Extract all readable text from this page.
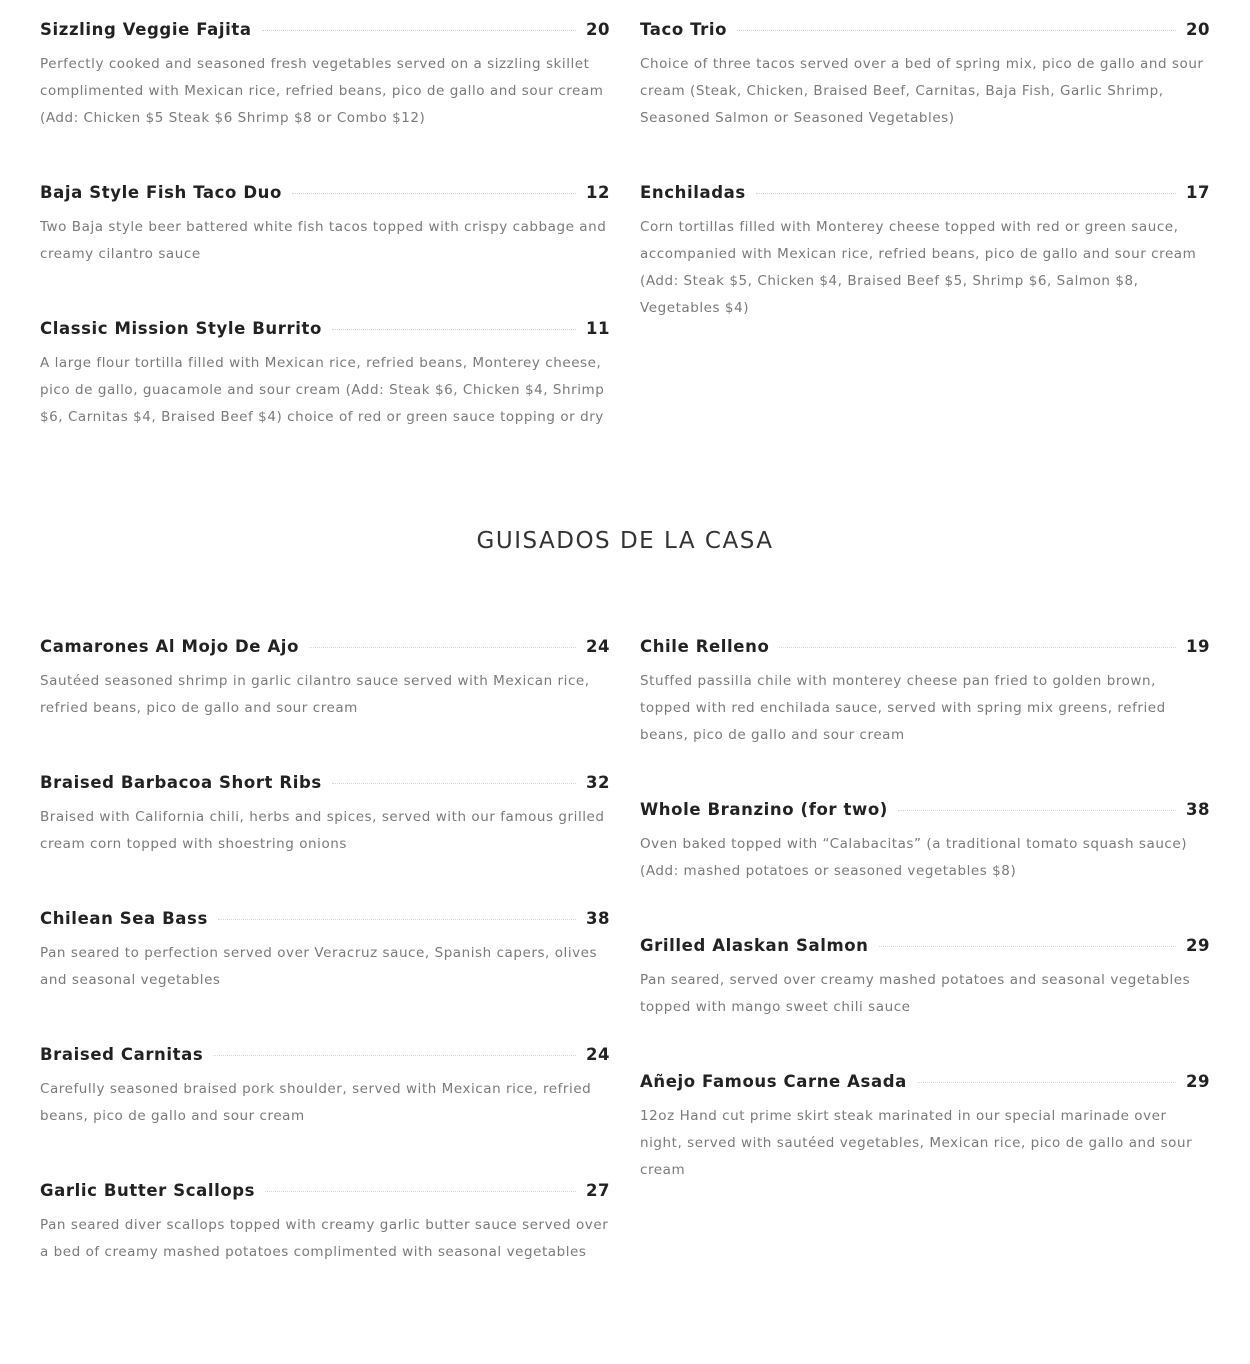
Sizzling Veggie Fajita	20
Perfectly cooked and seasoned fresh vegetables served on a sizzling skillet complimented with Mexican rice, refried beans, pico de gallo and sour cream (Add: Chicken $5 Steak $6 Shrimp $8 or Combo $12)
Baja Style Fish Taco Duo	12
Two Baja style beer battered white fish tacos topped with crispy cabbage and creamy cilantro sauce
Classic Mission Style Burrito	11
A large flour tortilla filled with Mexican rice, refried beans, Monterey cheese, pico de gallo, guacamole and sour cream (Add: Steak $6, Chicken $4, Shrimp $6, Carnitas $4, Braised Beef $4) choice of red or green sauce topping or dry
Taco Trio	20
Choice of three tacos served over a bed of spring mix, pico de gallo and sour cream (Steak, Chicken, Braised Beef, Carnitas, Baja Fish, Garlic Shrimp, Seasoned Salmon or Seasoned Vegetables)
Enchiladas	17
Corn tortillas filled with Monterey cheese topped with red or green sauce, accompanied with Mexican rice, refried beans, pico de gallo and sour cream (Add: Steak $5, Chicken $4, Braised Beef $5, Shrimp $6, Salmon $8, Vegetables $4)
GUISADOS DE LA CASA
Camarones Al Mojo De Ajo	24
Sautéed seasoned shrimp in garlic cilantro sauce served with Mexican rice, refried beans, pico de gallo and sour cream
Braised Barbacoa Short Ribs	32
Braised with California chili, herbs and spices, served with our famous grilled cream corn topped with shoestring onions
Chilean Sea Bass	38
Pan seared to perfection served over Veracruz sauce, Spanish capers, olives and seasonal vegetables
Braised Carnitas	24
Carefully seasoned braised pork shoulder, served with Mexican rice, refried beans, pico de gallo and sour cream
Garlic Butter Scallops	27
Pan seared diver scallops topped with creamy garlic butter sauce served over a bed of creamy mashed potatoes complimented with seasonal vegetables
Chile Relleno	19
Stuffed passilla chile with monterey cheese pan fried to golden brown, topped with red enchilada sauce, served with spring mix greens, refried beans, pico de gallo and sour cream
Whole Branzino (for two)	38
Oven baked topped with “Calabacitas” (a traditional tomato squash sauce) (Add: mashed potatoes or seasoned vegetables $8)
Grilled Alaskan Salmon	29
Pan seared, served over creamy mashed potatoes and seasonal vegetables topped with mango sweet chili sauce
Añejo Famous Carne Asada	29
12oz Hand cut prime skirt steak marinated in our special marinade over night, served with sautéed vegetables, Mexican rice, pico de gallo and sour cream
